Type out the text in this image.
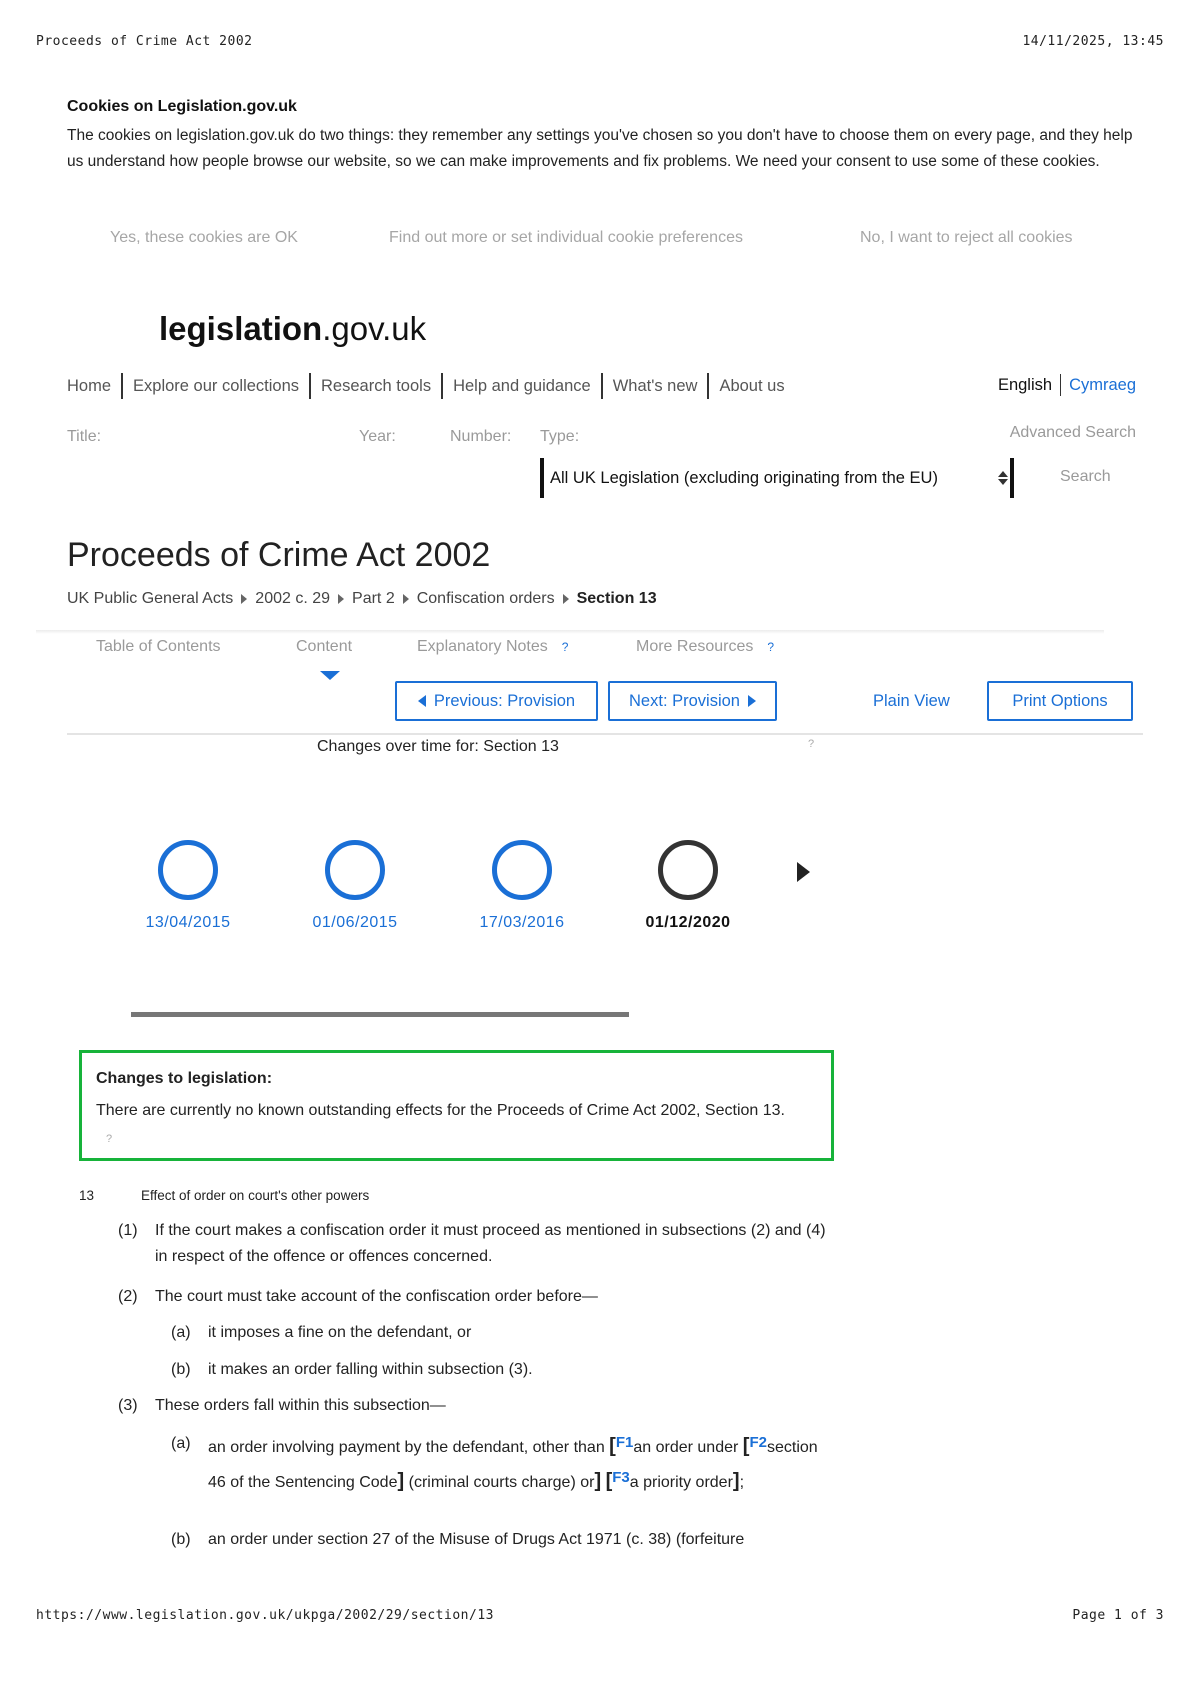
Proceeds of Crime Act 2002	14/11/2025, 13:45
Cookies on Legislation.gov.uk
The cookies on legislation.gov.uk do two things: they remember any settings you've chosen so you don't have to choose them on every page, and they help us understand how people browse our website, so we can make improvements and fix problems. We need your consent to use some of these cookies.
Yes, these cookies are OK	Find out more or set individual cookie preferences	No, I want to reject all cookies
legislation.gov.uk
Home Explore our collections Research tools Help and guidance What's new About us	English Cymraeg
Title:	Year:	Number: Type:	Advanced Search
All UK Legislation (excluding originating from the EU)	Search
Proceeds of Crime Act 2002
UK Public General Acts 2002 c. 29 Part 2 Confiscation orders Section 13
Table of Contents	Content	Explanatory Notes ?	More Resources ?
Previous: Provision	Next: Provision	Plain View	Print Options
Changes over time for: Section 13	?
13/04/2015	01/06/2015	17/03/2016	01/12/2020
Changes to legislation:
There are currently no known outstanding effects for the Proceeds of Crime Act 2002, Section 13. ?
13	Effect of order on court's other powers
(1) If the court makes a confiscation order it must proceed as mentioned in subsections (2) and (4) in respect of the offence or offences concerned.
(2) The court must take account of the confiscation order before—
(a) it imposes a fine on the defendant, or
(b) it makes an order falling within subsection (3).
(3) These orders fall within this subsection—
(a) an order involving payment by the defendant, other than [F1an order under [F2section 46 of the Sentencing Code] (criminal courts charge) or] [F3a priority order];
(b) an order under section 27 of the Misuse of Drugs Act 1971 (c. 38) (forfeiture
https://www.legislation.gov.uk/ukpga/2002/29/section/13	Page 1 of 3
